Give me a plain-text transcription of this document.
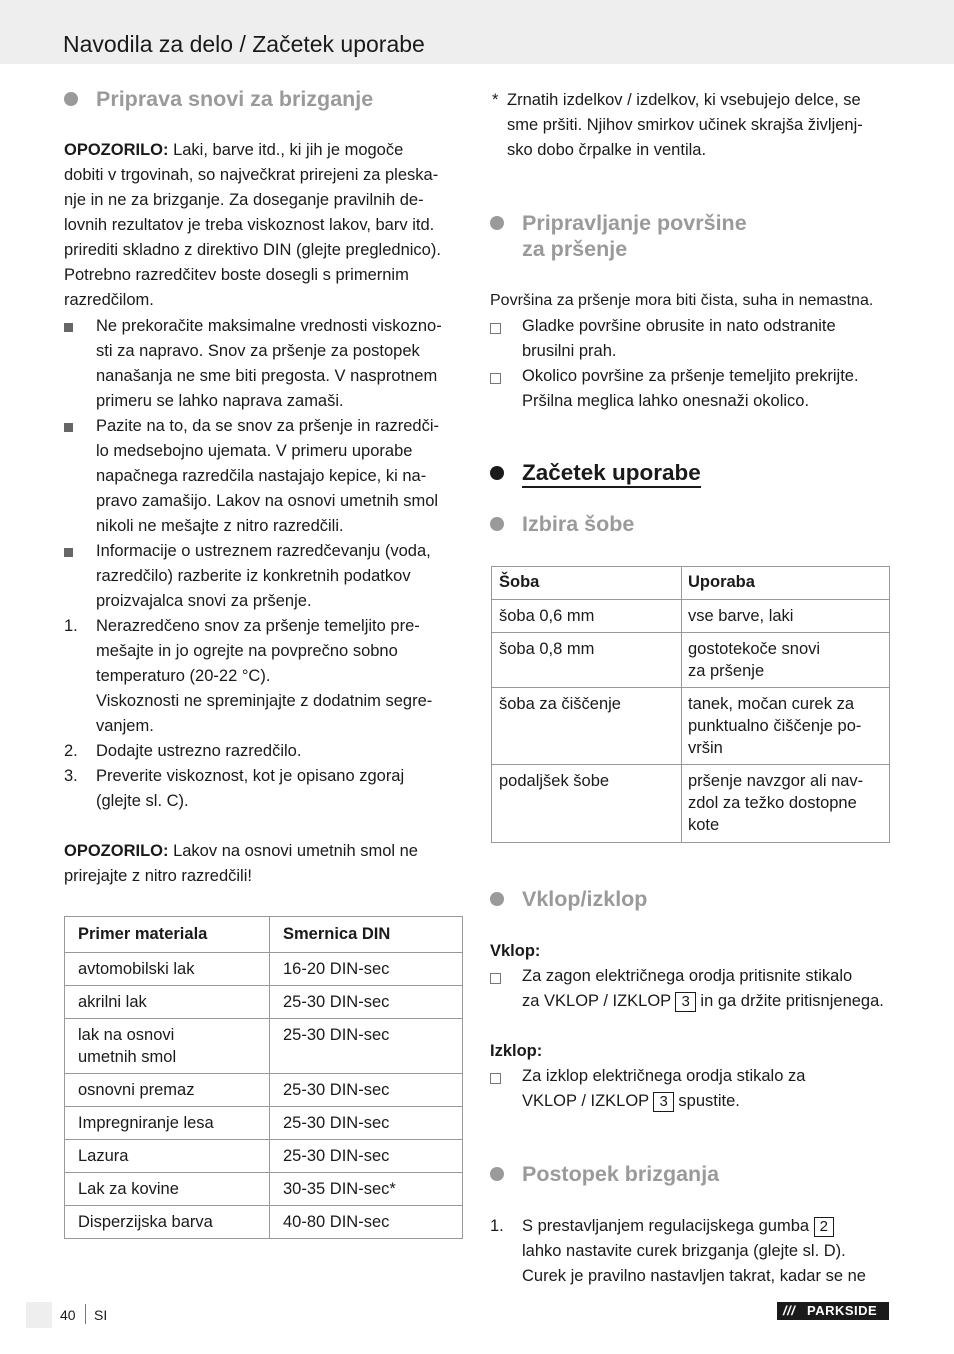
Navodila za delo / Začetek uporabe
Priprava snovi za brizganje
OPOZORILO: Laki, barve itd., ki jih je mogoče
dobiti v trgovinah, so največkrat prirejeni za pleska-
nje in ne za brizganje. Za doseganje pravilnih de-
lovnih rezultatov je treba viskoznost lakov, barv itd.
prirediti skladno z direktivo DIN (glejte preglednico).
Potrebno razredčitev boste dosegli s primernim
razredčilom.
Ne prekoračite maksimalne vrednosti viskozno-
sti za napravo. Snov za pršenje za postopek
nanašanja ne sme biti pregosta. V nasprotnem
primeru se lahko naprava zamaši.
Pazite na to, da se snov za pršenje in razredči-
lo medsebojno ujemata. V primeru uporabe
napačnega razredčila nastajajo kepice, ki na-
pravo zamašijo. Lakov na osnovi umetnih smol
nikoli ne mešajte z nitro razredčili.
Informacije o ustreznem razredčevanju (voda,
razredčilo) razberite iz konkretnih podatkov
proizvajalca snovi za pršenje.
1.	Nerazredčeno snov za pršenje temeljito pre-
mešajte in jo ogrejte na povprečno sobno
temperaturo (20-22 °C).
Viskoznosti ne spreminjajte z dodatnim segre-
vanjem.
2.	Dodajte ustrezno razredčilo.
3.	Preverite viskoznost, kot je opisano zgoraj
(glejte sl. C).
OPOZORILO: Lakov na osnovi umetnih smol ne
prirejajte z nitro razredčili!
Primer materiala	Smernica DIN
avtomobilski lak	16-20 DIN-sec
akrilni lak	25-30 DIN-sec
lak na osnovi
umetnih smol	25-30 DIN-sec
osnovni premaz	25-30 DIN-sec
Impregniranje lesa	25-30 DIN-sec
Lazura	25-30 DIN-sec
Lak za kovine	30-35 DIN-sec*
Disperzijska barva	40-80 DIN-sec
* Zrnatih izdelkov / izdelkov, ki vsebujejo delce, se
sme pršiti. Njihov smirkov učinek skrajša življenj-
sko dobo črpalke in ventila.
Pripravljanje površine
za pršenje
Površina za pršenje mora biti čista, suha in nemastna.
Gladke površine obrusite in nato odstranite
brusilni prah.
Okolico površine za pršenje temeljito prekrijte.
Pršilna meglica lahko onesnaži okolico.
Začetek uporabe
Izbira šobe
Šoba	Uporaba
šoba 0,6 mm	vse barve, laki
šoba 0,8 mm	gostotekoče snovi
za pršenje
šoba za čiščenje	tanek, močan curek za
punktualno čiščenje po-
vršin
podaljšek šobe	pršenje navzgor ali nav-
zdol za težko dostopne
kote
Vklop/izklop
Vklop:
Za zagon električnega orodja pritisnite stikalo
za VKLOP / IZKLOP 3 in ga držite pritisnjenega.
Izklop:
Za izklop električnega orodja stikalo za
VKLOP / IZKLOP 3 spustite.
Postopek brizganja
1.	S prestavljanjem regulacijskega gumba 2
lahko nastavite curek brizganja (glejte sl. D).
Curek je pravilno nastavljen takrat, kadar se ne
40 SI	/// PARKSIDE
